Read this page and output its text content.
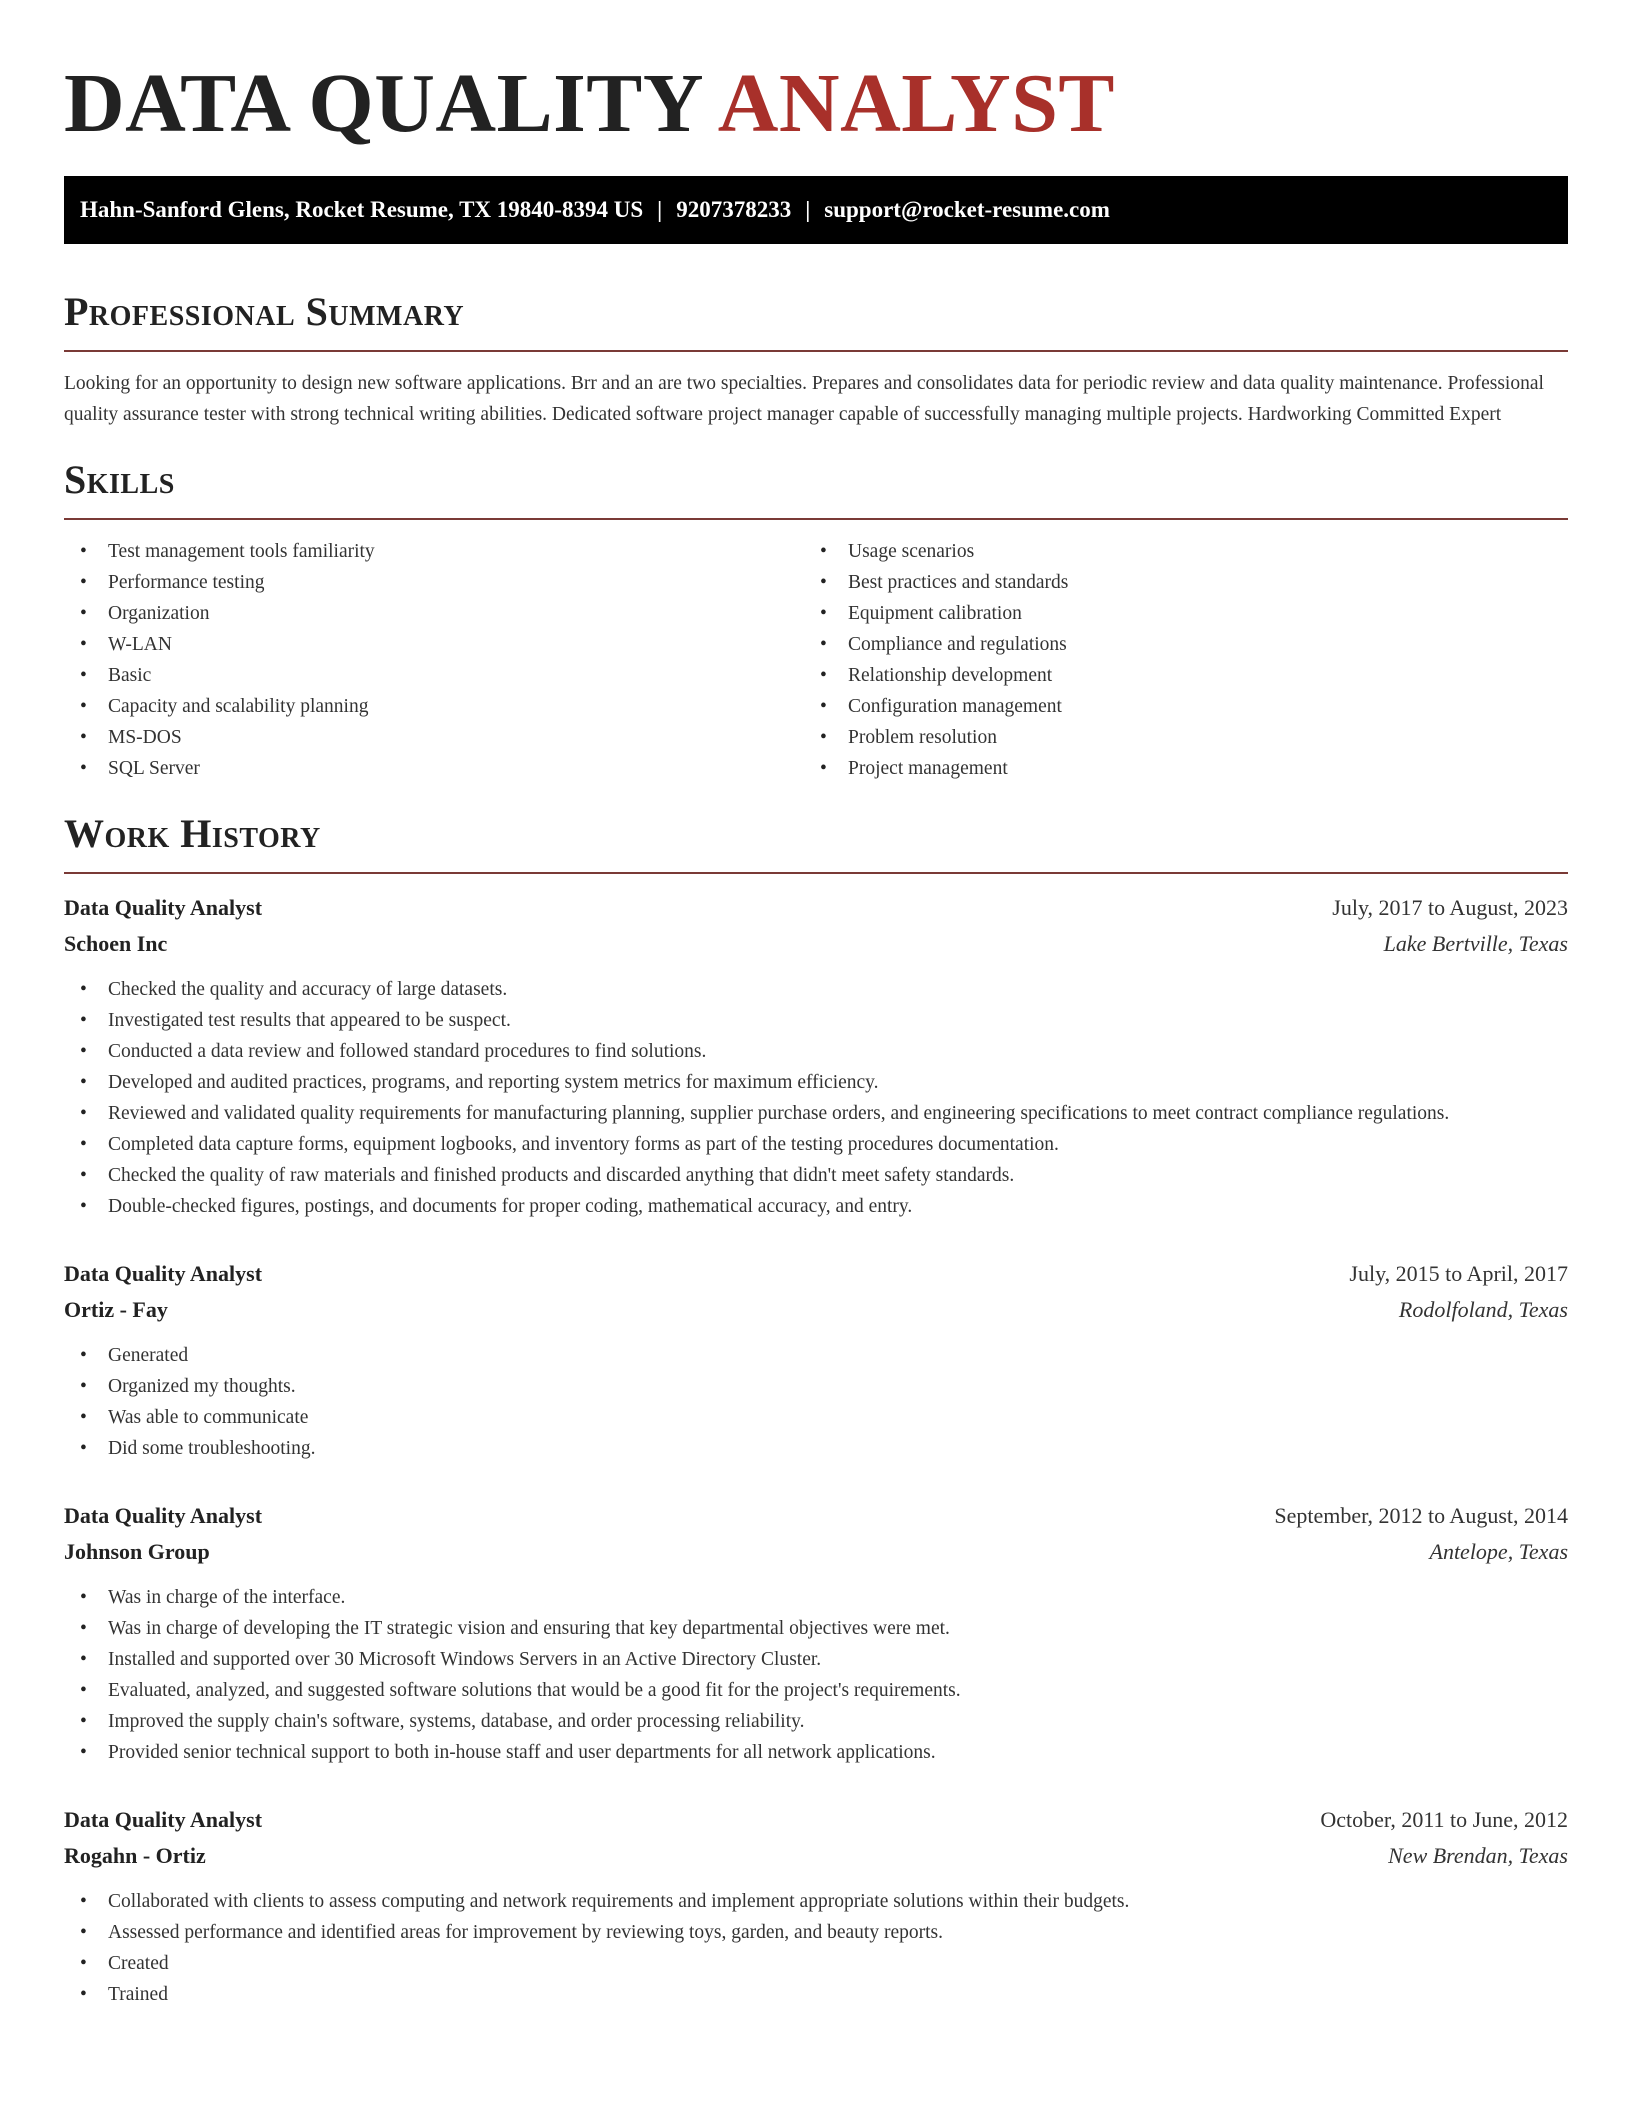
DATA QUALITY ANALYST
Hahn-Sanford Glens, Rocket Resume, TX 19840-8394 US | 9207378233 | support@rocket-resume.com
Professional Summary

Looking for an opportunity to design new software applications. Brr and an are two specialties. Prepares and consolidates data for periodic review and data quality maintenance. Professional quality assurance tester with strong technical writing abilities. Dedicated software project manager capable of successfully managing multiple projects. Hardworking Committed Expert

Skills
• Test management tools familiarity
• Performance testing
• Organization
• W-LAN
• Basic
• Capacity and scalability planning
• MS-DOS
• SQL Server
• Usage scenarios
• Best practices and standards
• Equipment calibration
• Compliance and regulations
• Relationship development
• Configuration management
• Problem resolution
• Project management
Work History
Data Quality Analyst	July, 2017 to August, 2023
Schoen Inc	Lake Bertville, Texas
• Checked the quality and accuracy of large datasets.
• Investigated test results that appeared to be suspect.
• Conducted a data review and followed standard procedures to find solutions.
• Developed and audited practices, programs, and reporting system metrics for maximum efficiency.
• Reviewed and validated quality requirements for manufacturing planning, supplier purchase orders, and engineering specifications to meet contract compliance regulations.
• Completed data capture forms, equipment logbooks, and inventory forms as part of the testing procedures documentation.
• Checked the quality of raw materials and finished products and discarded anything that didn't meet safety standards.
• Double-checked figures, postings, and documents for proper coding, mathematical accuracy, and entry.
Data Quality Analyst	July, 2015 to April, 2017
Ortiz - Fay	Rodolfoland, Texas
• Generated
• Organized my thoughts.
• Was able to communicate
• Did some troubleshooting.
Data Quality Analyst	September, 2012 to August, 2014
Johnson Group	Antelope, Texas
• Was in charge of the interface.
• Was in charge of developing the IT strategic vision and ensuring that key departmental objectives were met.
• Installed and supported over 30 Microsoft Windows Servers in an Active Directory Cluster.
• Evaluated, analyzed, and suggested software solutions that would be a good fit for the project's requirements.
• Improved the supply chain's software, systems, database, and order processing reliability.
• Provided senior technical support to both in-house staff and user departments for all network applications.
Data Quality Analyst	October, 2011 to June, 2012
Rogahn - Ortiz	New Brendan, Texas
• Collaborated with clients to assess computing and network requirements and implement appropriate solutions within their budgets.
• Assessed performance and identified areas for improvement by reviewing toys, garden, and beauty reports.
• Created
• Trained
